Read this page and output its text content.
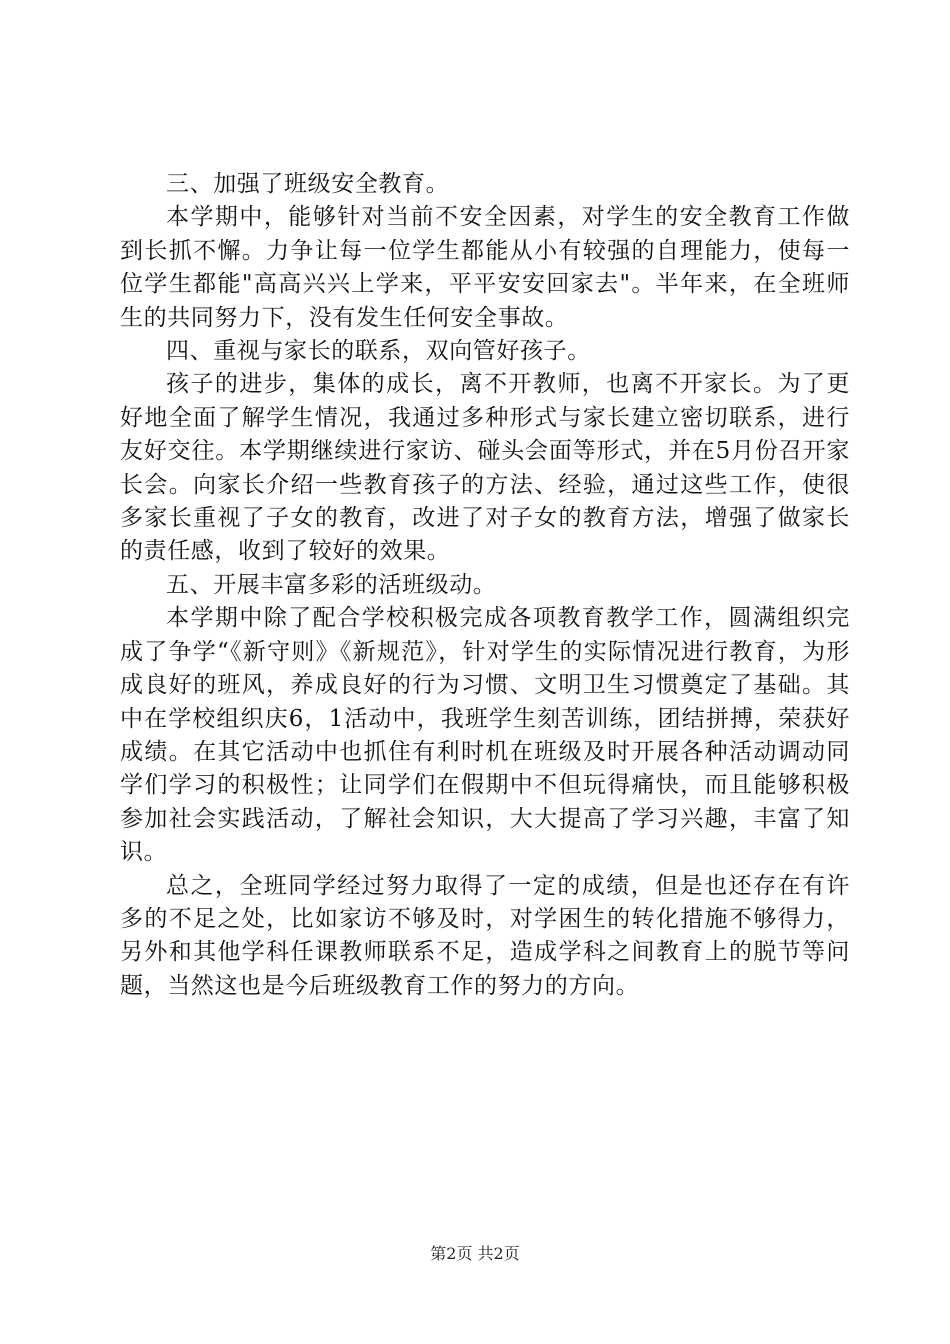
三、加强了班级安全教育。

本学期中，能够针对当前不安全因素，对学生的安全教育工作做到长抓不懈。力争让每一位学生都能从小有较强的自理能力，使每一位学生都能"高高兴兴上学来，平平安安回家去"。半年来，在全班师生的共同努力下，没有发生任何安全事故。

四、重视与家长的联系，双向管好孩子。

孩子的进步，集体的成长，离不开教师，也离不开家长。为了更好地全面了解学生情况，我通过多种形式与家长建立密切联系，进行友好交往。本学期继续进行家访、碰头会面等形式，并在5月份召开家长会。向家长介绍一些教育孩子的方法、经验，通过这些工作，使很多家长重视了子女的教育，改进了对子女的教育方法，增强了做家长的责任感，收到了较好的效果。

五、开展丰富多彩的活班级动。

本学期中除了配合学校积极完成各项教育教学工作，圆满组织完成了争学“《新守则》《新规范》，针对学生的实际情况进行教育，为形成良好的班风，养成良好的行为习惯、文明卫生习惯奠定了基础。其中在学校组织庆6，1活动中，我班学生刻苦训练，团结拼搏，荣获好成绩。在其它活动中也抓住有利时机在班级及时开展各种活动调动同学们学习的积极性；让同学们在假期中不但玩得痛快，而且能够积极参加社会实践活动，了解社会知识，大大提高了学习兴趣，丰富了知识。

总之，全班同学经过努力取得了一定的成绩，但是也还存在有许多的不足之处，比如家访不够及时，对学困生的转化措施不够得力，另外和其他学科任课教师联系不足，造成学科之间教育上的脱节等问题，当然这也是今后班级教育工作的努力的方向。

第2页 共2页
